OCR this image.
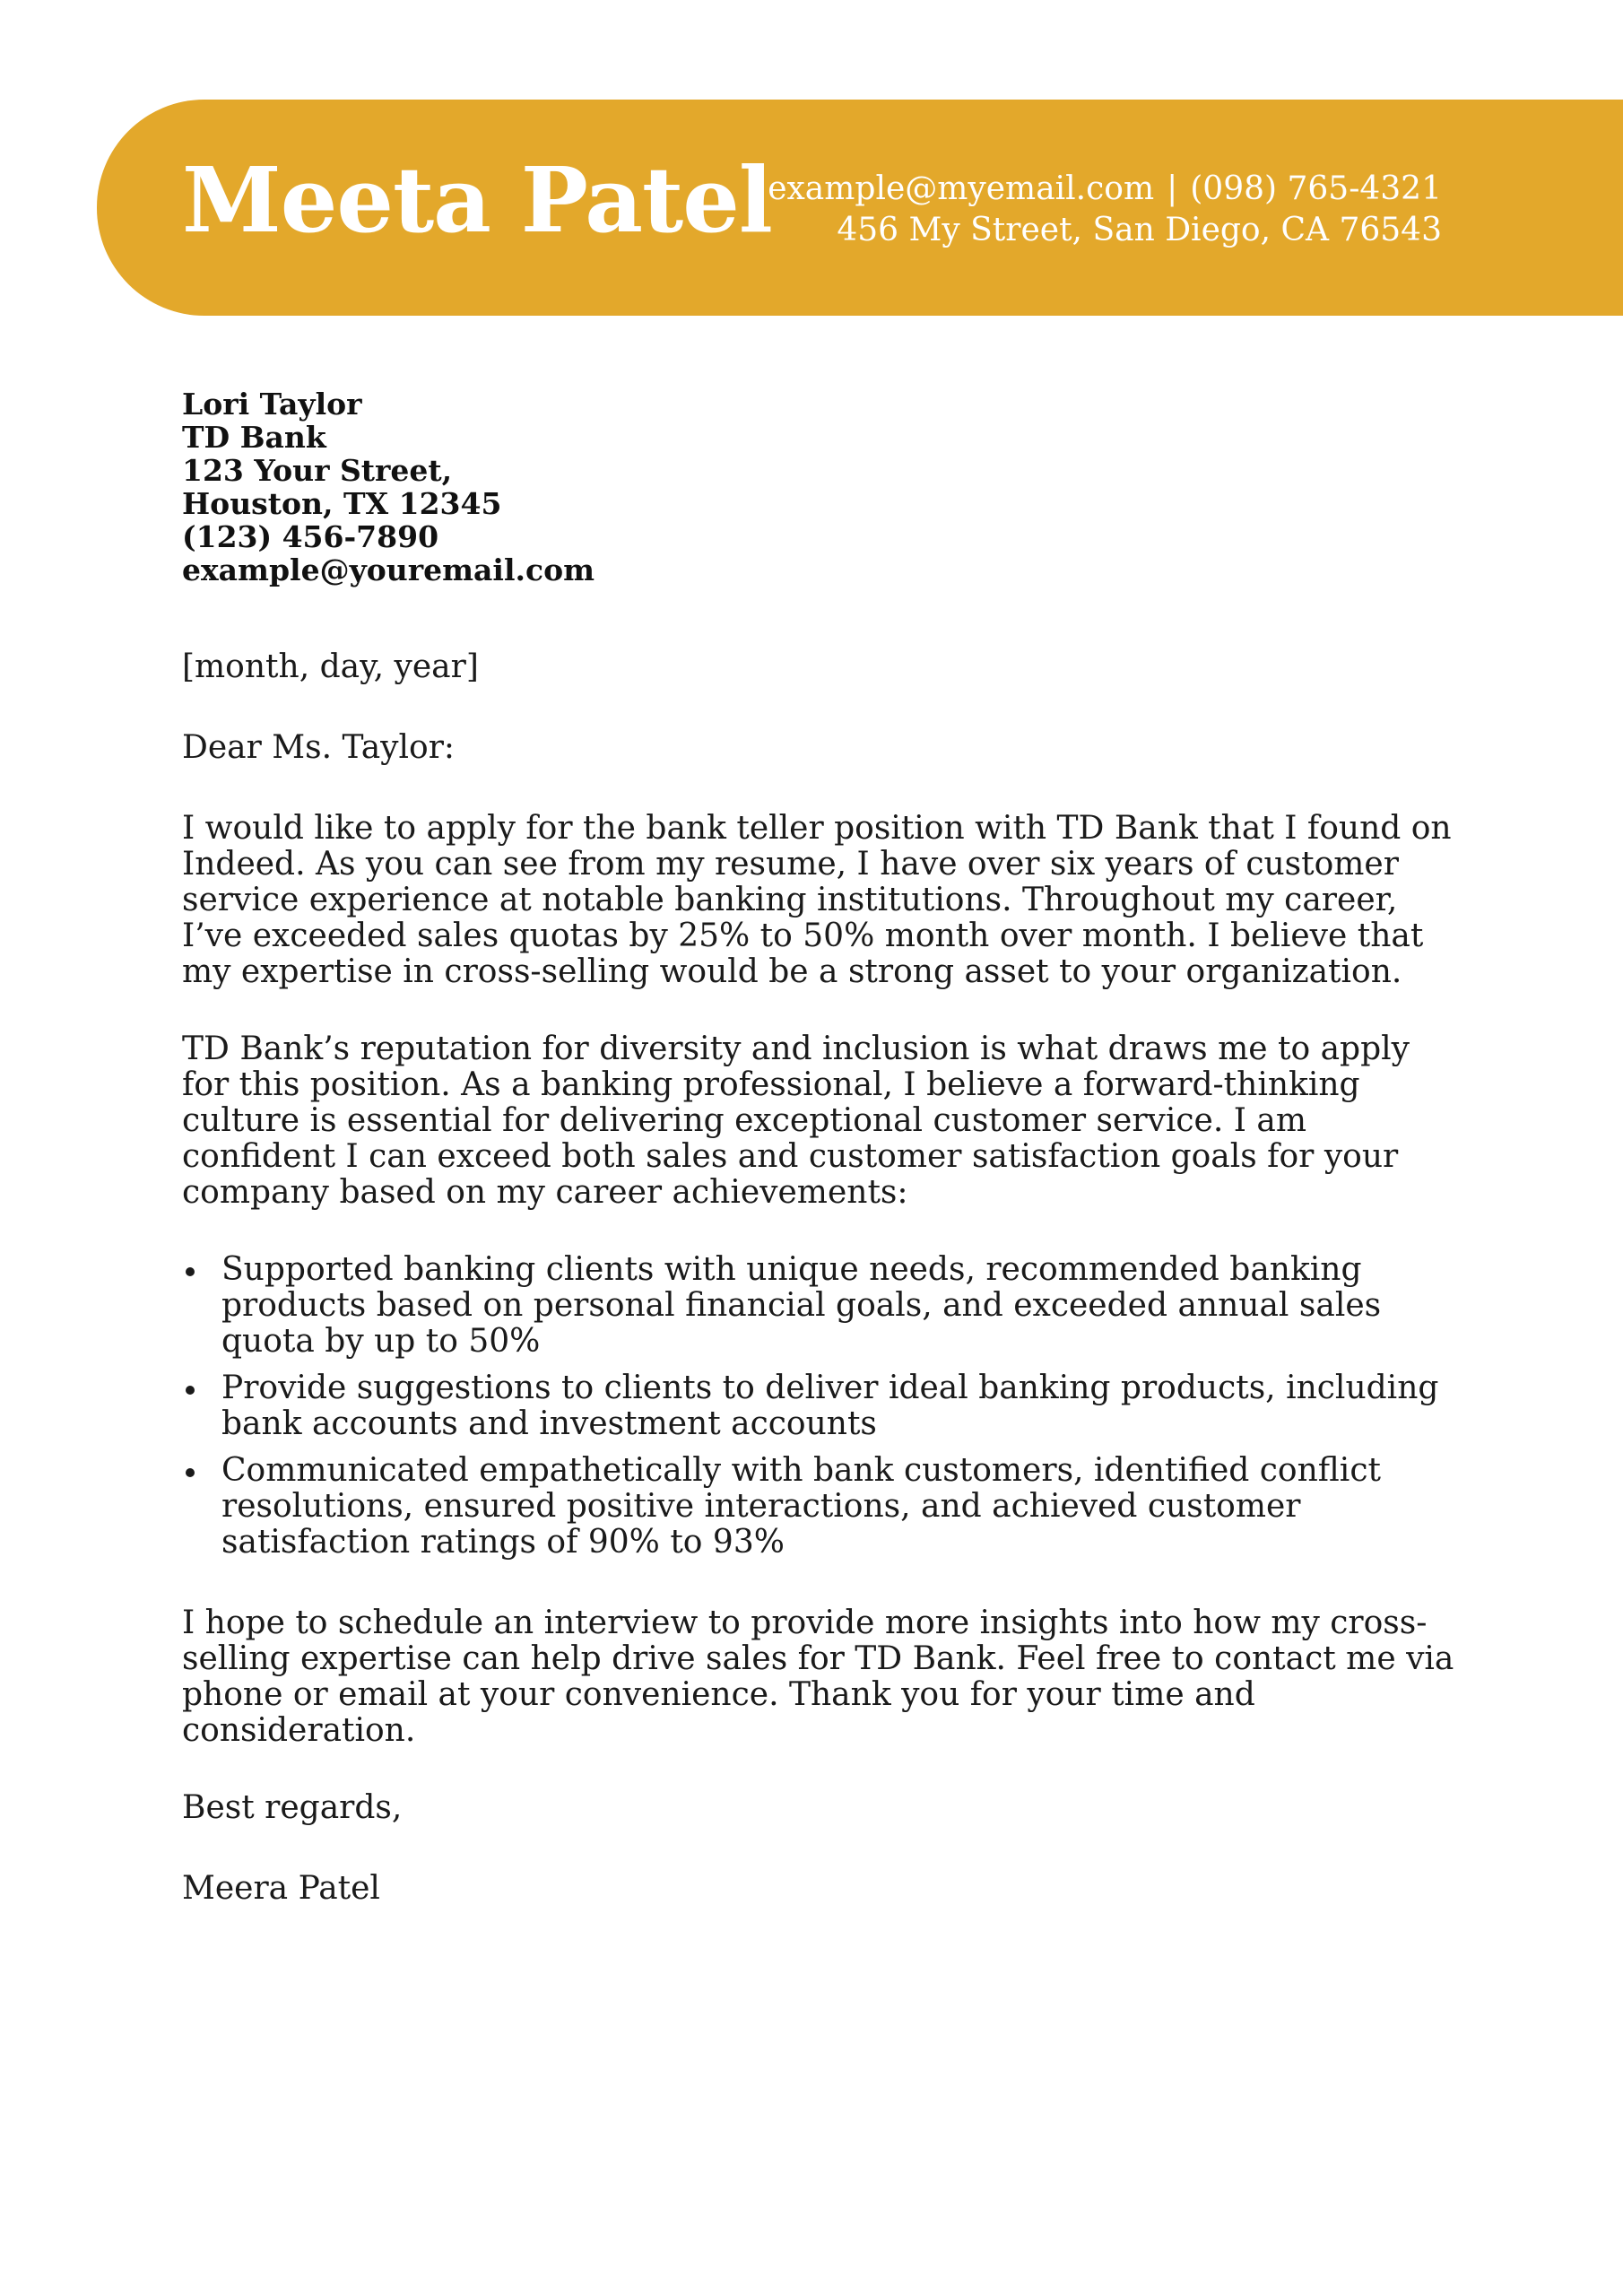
Meeta Patel
example@myemail.com | (098) 765-4321
456 My Street, San Diego, CA 76543
Lori Taylor
TD Bank
123 Your Street,
Houston, TX 12345
(123) 456-7890
example@youremail.com

[month, day, year]

Dear Ms. Taylor:

I would like to apply for the bank teller position with TD Bank that I found on Indeed. As you can see from my resume, I have over six years of customer service experience at notable banking institutions. Throughout my career, I’ve exceeded sales quotas by 25% to 50% month over month. I believe that my expertise in cross-selling would be a strong asset to your organization.

TD Bank’s reputation for diversity and inclusion is what draws me to apply for this position. As a banking professional, I believe a forward-thinking culture is essential for delivering exceptional customer service. I am confident I can exceed both sales and customer satisfaction goals for your company based on my career achievements:

Supported banking clients with unique needs, recommended banking products based on personal financial goals, and exceeded annual sales quota by up to 50%
Provide suggestions to clients to deliver ideal banking products, including bank accounts and investment accounts
Communicated empathetically with bank customers, identified conflict resolutions, ensured positive interactions, and achieved customer satisfaction ratings of 90% to 93%

I hope to schedule an interview to provide more insights into how my cross-selling expertise can help drive sales for TD Bank. Feel free to contact me via phone or email at your convenience. Thank you for your time and consideration.

Best regards,

Meera Patel
